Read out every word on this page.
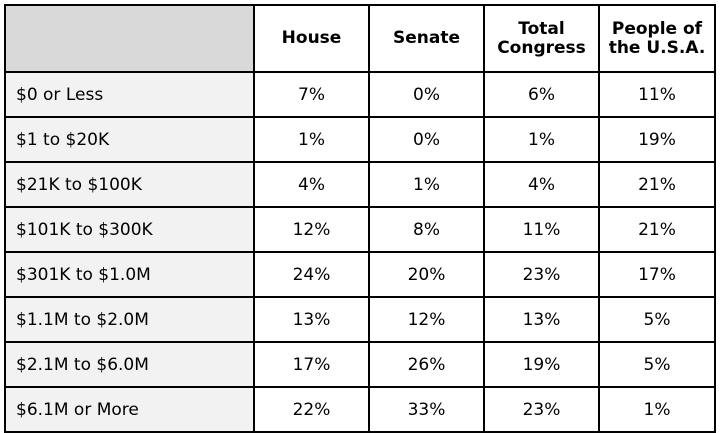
	House	Senate	Total Congress	People of the U.S.A.
$0 or Less	7%	0%	6%	11%
$1 to $20K	1%	0%	1%	19%
$21K to $100K	4%	1%	4%	21%
$101K to $300K	12%	8%	11%	21%
$301K to $1.0M	24%	20%	23%	17%
$1.1M to $2.0M	13%	12%	13%	5%
$2.1M to $6.0M	17%	26%	19%	5%
$6.1M or More	22%	33%	23%	1%
